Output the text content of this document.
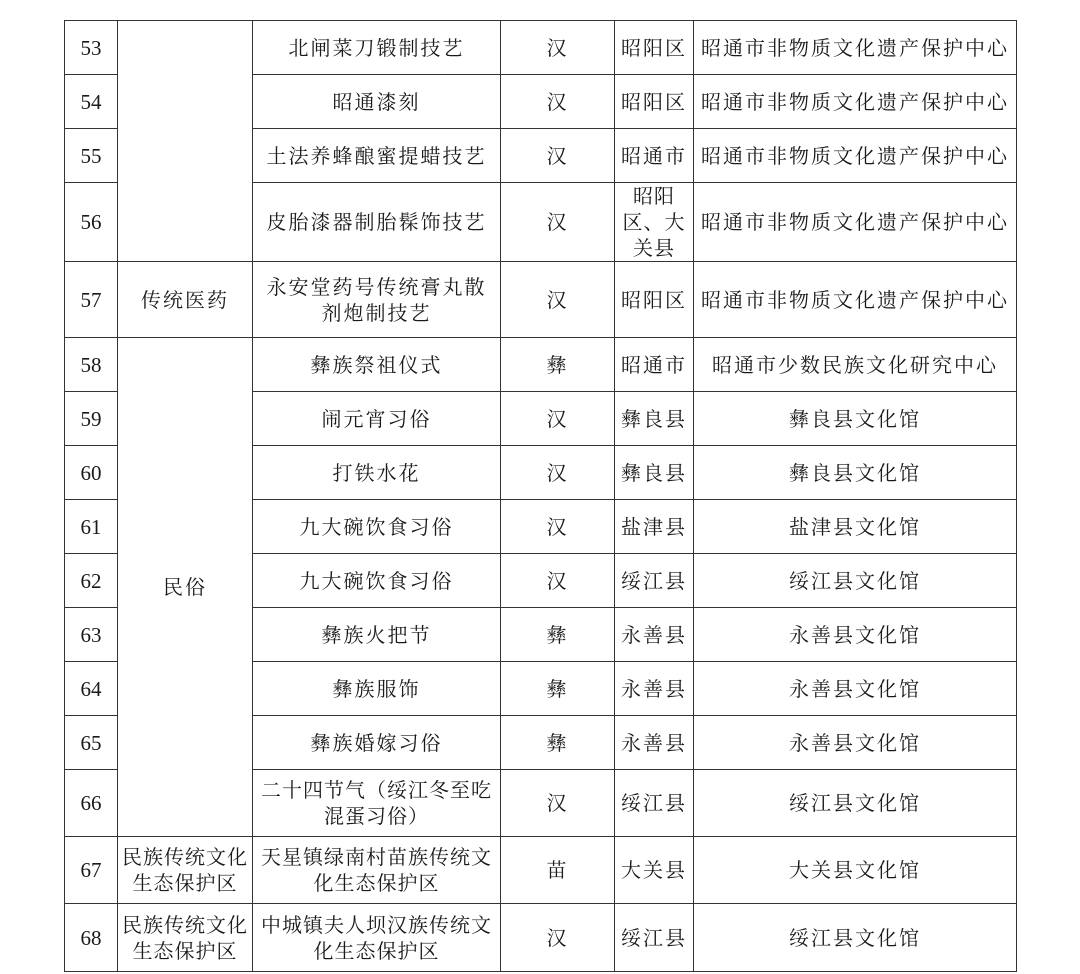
53		北闸菜刀锻制技艺	汉	昭阳区	昭通市非物质文化遗产保护中心
54		昭通漆刻	汉	昭阳区	昭通市非物质文化遗产保护中心
55		土法养蜂酿蜜提蜡技艺	汉	昭通市	昭通市非物质文化遗产保护中心
56		皮胎漆器制胎髹饰技艺	汉	昭阳区、大关县	昭通市非物质文化遗产保护中心
57	传统医药	永安堂药号传统膏丸散剂炮制技艺	汉	昭阳区	昭通市非物质文化遗产保护中心
58	民俗	彝族祭祖仪式	彝	昭通市	昭通市少数民族文化研究中心
59		闹元宵习俗	汉	彝良县	彝良县文化馆
60		打铁水花	汉	彝良县	彝良县文化馆
61		九大碗饮食习俗	汉	盐津县	盐津县文化馆
62		九大碗饮食习俗	汉	绥江县	绥江县文化馆
63		彝族火把节	彝	永善县	永善县文化馆
64		彝族服饰	彝	永善县	永善县文化馆
65		彝族婚嫁习俗	彝	永善县	永善县文化馆
66		二十四节气（绥江冬至吃混蛋习俗）	汉	绥江县	绥江县文化馆
67	民族传统文化生态保护区	天星镇绿南村苗族传统文化生态保护区	苗	大关县	大关县文化馆
68	民族传统文化生态保护区	中城镇夫人坝汉族传统文化生态保护区	汉	绥江县	绥江县文化馆
